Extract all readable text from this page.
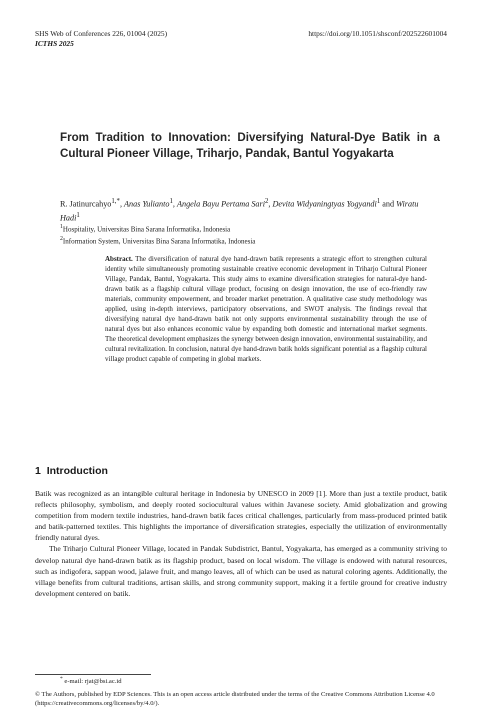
SHS Web of Conferences 226, 01004 (2025)
ICTHS 2025
https://doi.org/10.1051/shsconf/202522601004
From Tradition to Innovation: Diversifying Natural-Dye Batik in a Cultural Pioneer Village, Triharjo, Pandak, Bantul Yogyakarta
R. Jatinurcahyo$^{1,*}$, Anas Yulianto$^1$, Angela Bayu Pertama Sari$^2$, Devita Widyaningtyas Yogyandi$^1$ and Wiratu Hadi$^1$
$^1$Hospitality, Universitas Bina Sarana Informatika, Indonesia
$^2$Information System, Universitas Bina Sarana Informatika, Indonesia
Abstract. The diversification of natural dye hand-drawn batik represents a strategic effort to strengthen cultural identity while simultaneously promoting sustainable creative economic development in Triharjo Cultural Pioneer Village, Pandak, Bantul, Yogyakarta. This study aims to examine diversification strategies for natural-dye hand-drawn batik as a flagship cultural village product, focusing on design innovation, the use of eco-friendly raw materials, community empowerment, and broader market penetration. A qualitative case study methodology was applied, using in-depth interviews, participatory observations, and SWOT analysis. The findings reveal that diversifying natural dye hand-drawn batik not only supports environmental sustainability through the use of natural dyes but also enhances economic value by expanding both domestic and international market segments. The theoretical development emphasizes the synergy between design innovation, environmental sustainability, and cultural revitalization. In conclusion, natural dye hand-drawn batik holds significant potential as a flagship cultural village product capable of competing in global markets.
1 Introduction

Batik was recognized as an intangible cultural heritage in Indonesia by UNESCO in 2009 [1]. More than just a textile product, batik reflects philosophy, symbolism, and deeply rooted sociocultural values within Javanese society. Amid globalization and growing competition from modern textile industries, hand-drawn batik faces critical challenges, particularly from mass-produced printed batik and batik-patterned textiles. This highlights the importance of diversification strategies, especially the utilization of environmentally friendly natural dyes.

The Triharjo Cultural Pioneer Village, located in Pandak Subdistrict, Bantul, Yogyakarta, has emerged as a community striving to develop natural dye hand-drawn batik as its flagship product, based on local wisdom. The village is endowed with natural resources, such as indigofera, sappan wood, jalawe fruit, and mango leaves, all of which can be used as natural coloring agents. Additionally, the village benefits from cultural traditions, artisan skills, and strong community support, making it a fertile ground for creative industry development centered on batik.

* e-mail: rjat@bsi.ac.id
© The Authors, published by EDP Sciences. This is an open access article distributed under the terms of the Creative Commons Attribution License 4.0 (https://creativecommons.org/licenses/by/4.0/).
